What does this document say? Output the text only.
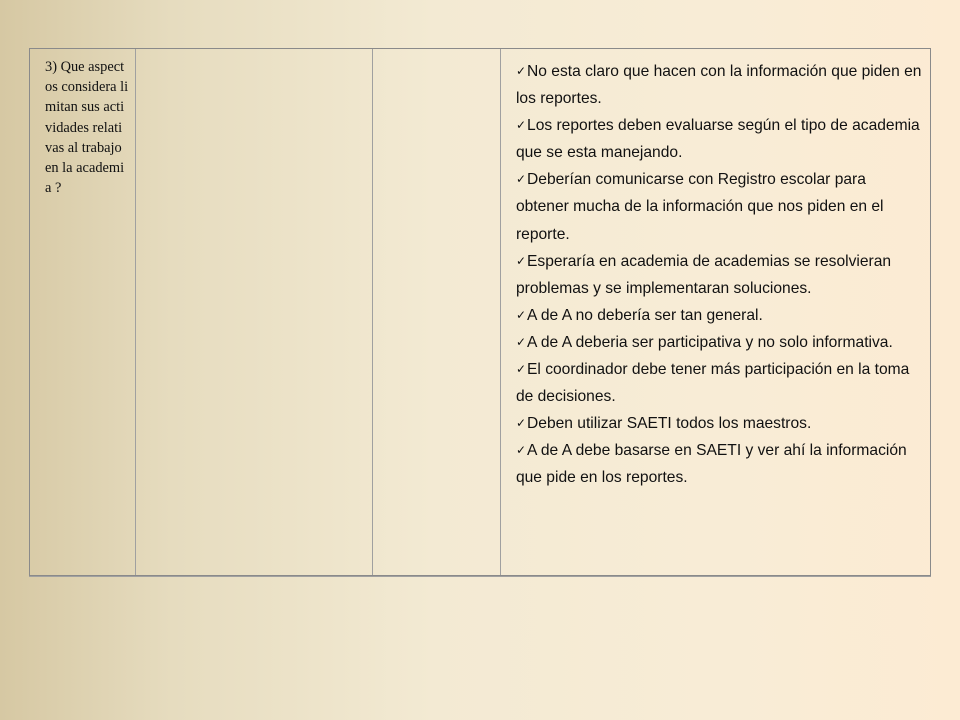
3) Que aspectos considera limitan sus actividades relativas al trabajo en la academia ?

✓No esta claro que hacen con la información que piden en los reportes.
✓Los reportes deben evaluarse según el tipo de academia que se esta manejando.
✓Deberían comunicarse con Registro escolar para obtener mucha de la información que nos piden en el reporte.
✓Esperaría en academia de academias se resolvieran problemas y se implementaran soluciones.
✓A de A no debería ser tan general.
✓A de A deberia ser participativa y no solo informativa.
✓El coordinador debe tener más participación en la toma de decisiones.
✓Deben utilizar SAETI todos los maestros.
✓A de A debe basarse en SAETI y ver ahí la información que pide en los reportes.
